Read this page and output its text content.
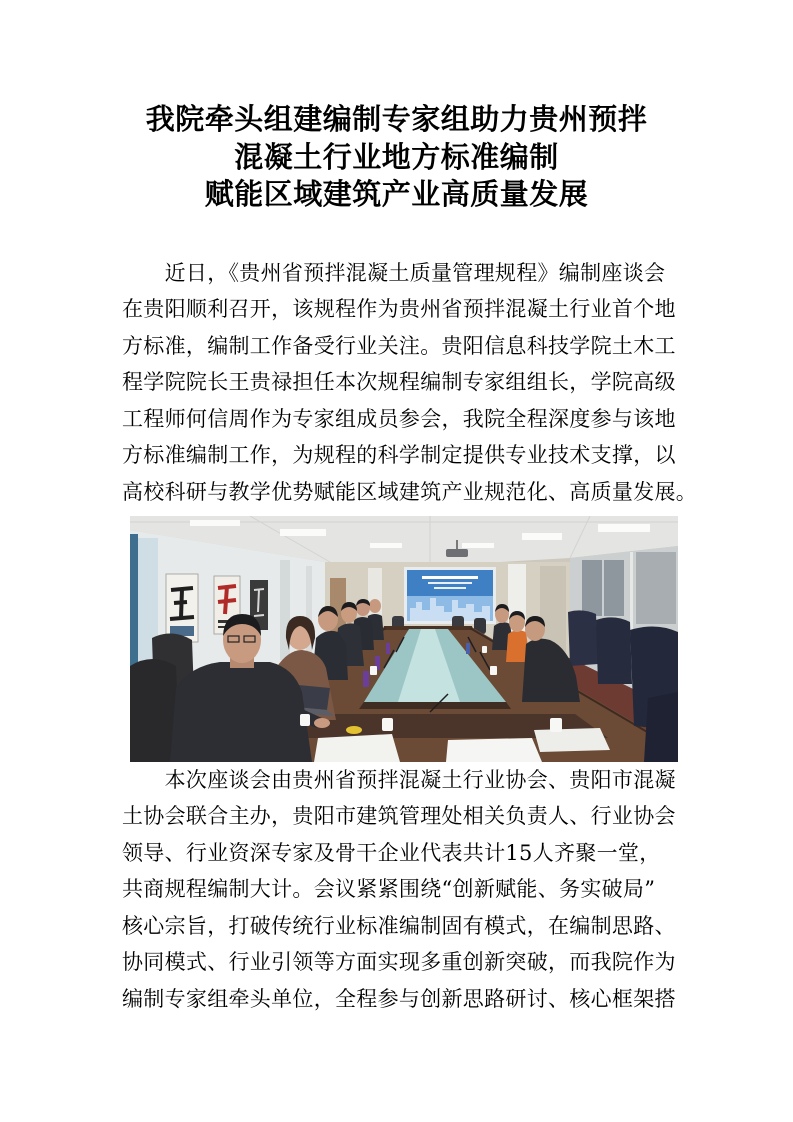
我院牵头组建编制专家组助力贵州预拌
混凝土行业地方标准编制
赋能区域建筑产业高质量发展
近日，《贵州省预拌混凝土质量管理规程》编制座谈会
在贵阳顺利召开，该规程作为贵州省预拌混凝土行业首个地
方标准，编制工作备受行业关注。贵阳信息科技学院土木工
程学院院长王贵禄担任本次规程编制专家组组长，学院高级
工程师何信周作为专家组成员参会，我院全程深度参与该地
方标准编制工作，为规程的科学制定提供专业技术支撑，以
高校科研与教学优势赋能区域建筑产业规范化、高质量发展。
本次座谈会由贵州省预拌混凝土行业协会、贵阳市混凝
土协会联合主办，贵阳市建筑管理处相关负责人、行业协会
领导、行业资深专家及骨干企业代表共计15人齐聚一堂，
共商规程编制大计。会议紧紧围绕“创新赋能、务实破局”
核心宗旨，打破传统行业标准编制固有模式，在编制思路、
协同模式、行业引领等方面实现多重创新突破，而我院作为
编制专家组牵头单位，全程参与创新思路研讨、核心框架搭
